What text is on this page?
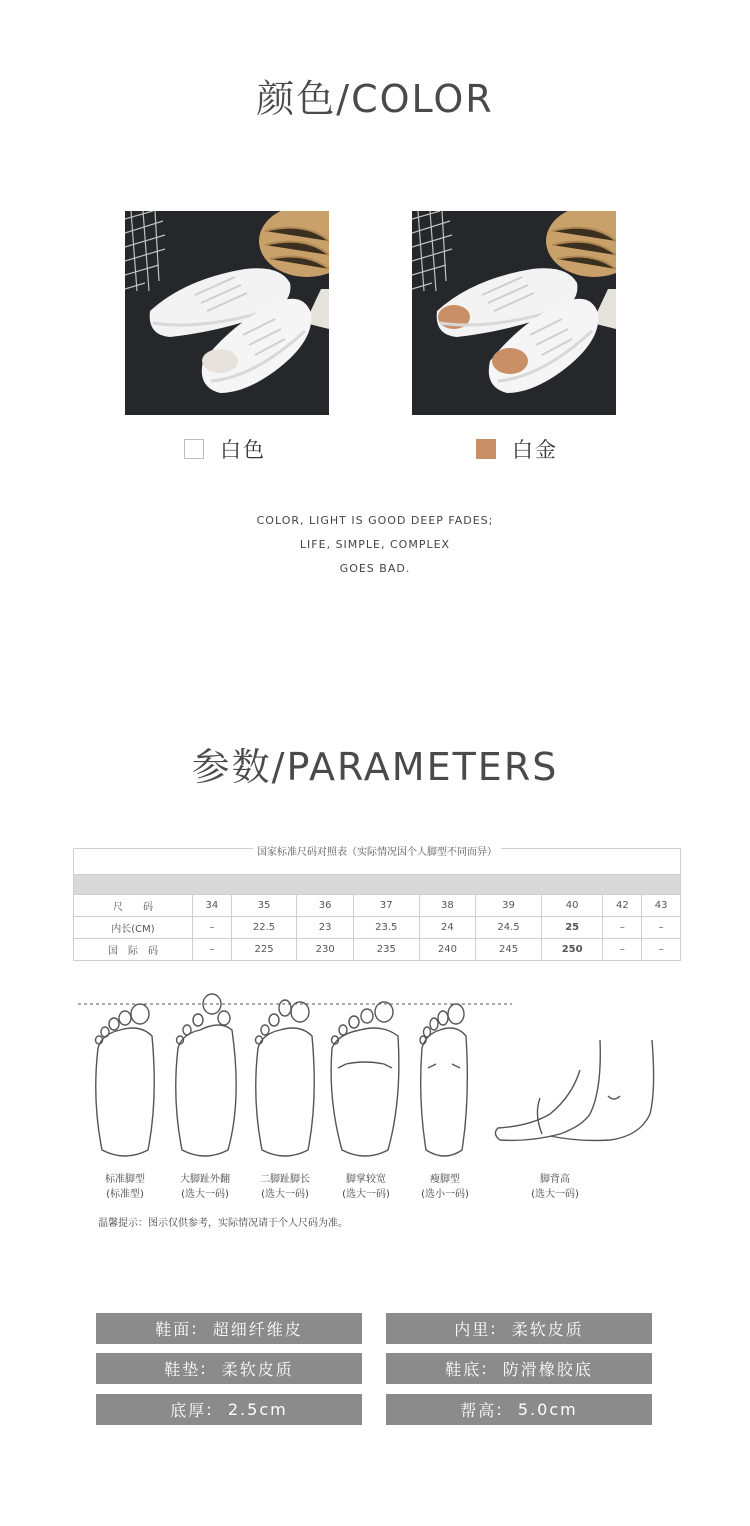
颜色/COLOR
白色	白金
COLOR, LIGHT IS GOOD DEEP FADES;
LIFE, SIMPLE, COMPLEX
GOES BAD.
参数/PARAMETERS

尺　　码	34	35	36	37	38	39	40	42	43
内长(CM)	–	22.5	23	23.5	24	24.5	25	–	–
国　际　码	–	225	230	235	240	245	250	–	–
国家标准尺码对照表（实际情况因个人脚型不同而异）
标准脚型
(标准型)
大脚趾外翻
(选大一码)
二脚趾脚长
(选大一码)
脚掌较宽
(选大一码)
瘦脚型
(选小一码)
脚背高
(选大一码)
温馨提示：图示仅供参考，实际情况请于个人尺码为准。
鞋面 : 超细纤维皮	内里 : 柔软皮质
鞋垫 : 柔软皮质	鞋底 : 防滑橡胶底
底厚 : 2.5cm	帮高 : 5.0cm
